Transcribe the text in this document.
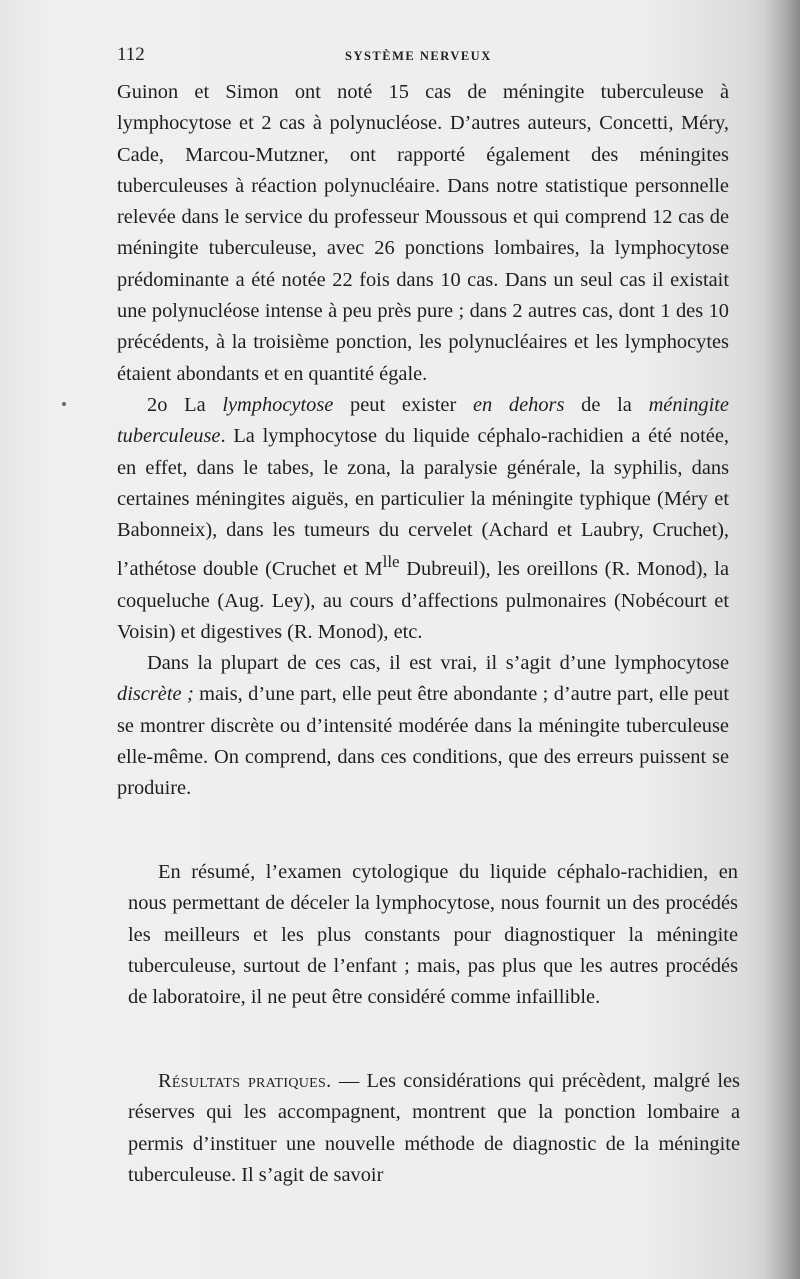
112	SYSTÈME NERVEUX

Guinon et Simon ont noté 15 cas de méningite tuberculeuse à lymphocytose et 2 cas à polynucléose. D’autres auteurs, Concetti, Méry, Cade, Marcou-Mutzner, ont rapporté également des méningites tuberculeuses à réaction polynucléaire. Dans notre statistique personnelle relevée dans le service du professeur Moussous et qui comprend 12 cas de méningite tuberculeuse, avec 26 ponctions lombaires, la lymphocytose prédominante a été notée 22 fois dans 10 cas. Dans un seul cas il existait une polynucléose intense à peu près pure ; dans 2 autres cas, dont 1 des 10 précédents, à la troisième ponction, les polynucléaires et les lymphocytes étaient abondants et en quantité égale.

2o La lymphocytose peut exister en dehors de la méningite tuberculeuse. La lymphocytose du liquide céphalo-rachidien a été notée, en effet, dans le tabes, le zona, la paralysie générale, la syphilis, dans certaines méningites aiguës, en particulier la méningite typhique (Méry et Babonneix), dans les tumeurs du cervelet (Achard et Laubry, Cruchet), l’athétose double (Cruchet et $M^{lle}$ Dubreuil), les oreillons (R. Monod), la coqueluche (Aug. Ley), au cours d’affections pulmonaires (Nobécourt et Voisin) et digestives (R. Monod), etc.

Dans la plupart de ces cas, il est vrai, il s’agit d’une lymphocytose discrète ; mais, d’une part, elle peut être abondante ; d’autre part, elle peut se montrer discrète ou d’intensité modérée dans la méningite tuberculeuse elle-même. On comprend, dans ces conditions, que des erreurs puissent se produire.

En résumé, l’examen cytologique du liquide céphalo-rachidien, en nous permettant de déceler la lymphocytose, nous fournit un des procédés les meilleurs et les plus constants pour diagnostiquer la méningite tuberculeuse, surtout de l’enfant ; mais, pas plus que les autres procédés de laboratoire, il ne peut être considéré comme infaillible.

Résultats pratiques. — Les considérations qui précèdent, malgré les réserves qui les accompagnent, montrent que la ponction lombaire a permis d’instituer une nouvelle méthode de diagnostic de la méningite tuberculeuse. Il s’agit de savoir
